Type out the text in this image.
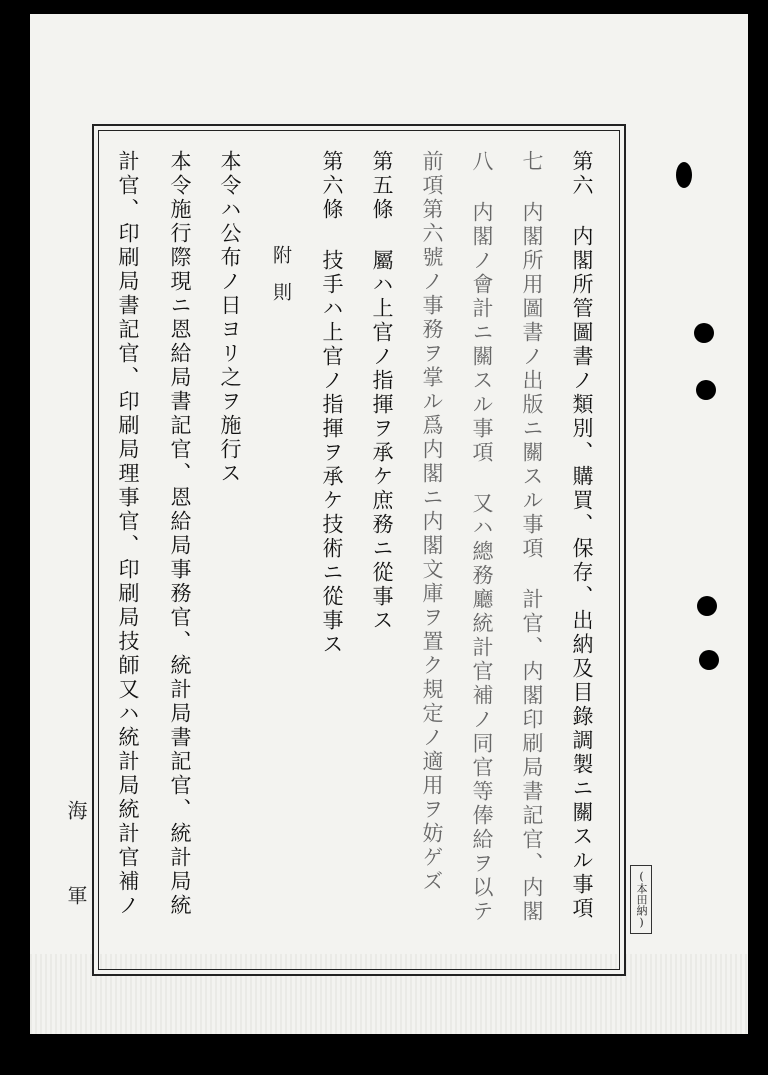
第六 内閣所管圖書ノ類別、購買、保存、出納及目錄調製ニ關スル事項
七 内閣所用圖書ノ出版ニ關スル事項 計官、内閣印刷局書記官、内閣
八 内閣ノ會計ニ關スル事項 又ハ總務廳統計官補ノ同官等俸給ヲ以テ
前項第六號ノ事務ヲ掌ル爲内閣ニ内閣文庫ヲ置ク規定ノ適用ヲ妨ゲズ
第五條 屬ハ上官ノ指揮ヲ承ケ庶務ニ從事ス
第六條 技手ハ上官ノ指揮ヲ承ケ技術ニ從事ス
附則
本令ハ公布ノ日ヨリ之ヲ施行ス
本令施行際現ニ恩給局書記官、恩給局事務官、統計局書記官、統計局統
計官、印刷局書記官、印刷局理事官、印刷局技師又ハ統計局統計官補ノ
海
軍	(本田納)
